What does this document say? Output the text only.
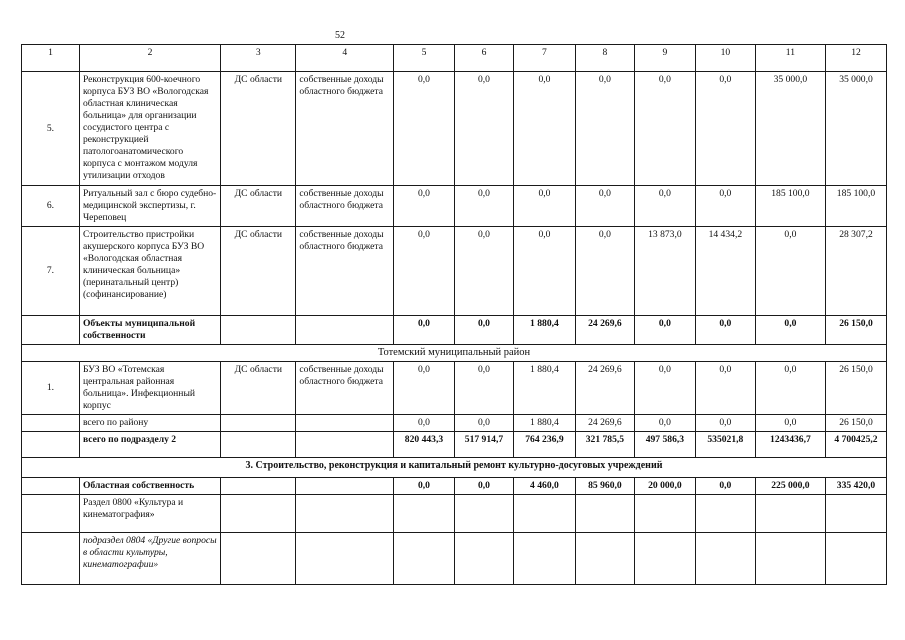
52
1	2	3	4	5	6	7	8	9	10	11	12
5.	Реконструкция 600-коечного корпуса БУЗ ВО «Вологодская областная клиническая больница» для организации сосудистого центра с реконструкцией патологоанатомического корпуса с монтажом модуля утилизации отходов	ДС области	собственные доходы областного бюджета	0,0	0,0	0,0	0,0	0,0	0,0	35 000,0	35 000,0
6.	Ритуальный зал с бюро судебно-медицинской экспертизы, г. Череповец	ДС области	собственные доходы областного бюджета	0,0	0,0	0,0	0,0	0,0	0,0	185 100,0	185 100,0
7.	Строительство пристройки акушерского корпуса БУЗ ВО «Вологодская областная клиническая больница» (перинатальный центр) (софинансирование)	ДС области	собственные доходы областного бюджета	0,0	0,0	0,0	0,0	13 873,0	14 434,2	0,0	28 307,2
	Объекты муниципальной собственности			0,0	0,0	1 880,4	24 269,6	0,0	0,0	0,0	26 150,0
Тотемский муниципальный район											
1.	БУЗ ВО «Тотемская центральная районная больница». Инфекционный корпус	ДС области	собственные доходы областного бюджета	0,0	0,0	1 880,4	24 269,6	0,0	0,0	0,0	26 150,0
	всего по району			0,0	0,0	1 880,4	24 269,6	0,0	0,0	0,0	26 150,0
	всего по подразделу 2			820 443,3	517 914,7	764 236,9	321 785,5	497 586,3	535021,8	1243436,7	4 700425,2
3. Строительство, реконструкция и капитальный ремонт культурно-досуговых учреждений											
	Областная собственность			0,0	0,0	4 460,0	85 960,0	20 000,0	0,0	225 000,0	335 420,0
	Раздел 0800 «Культура и кинематография»										
	подраздел 0804 «Другие вопросы в области культуры, кинематографии»										
